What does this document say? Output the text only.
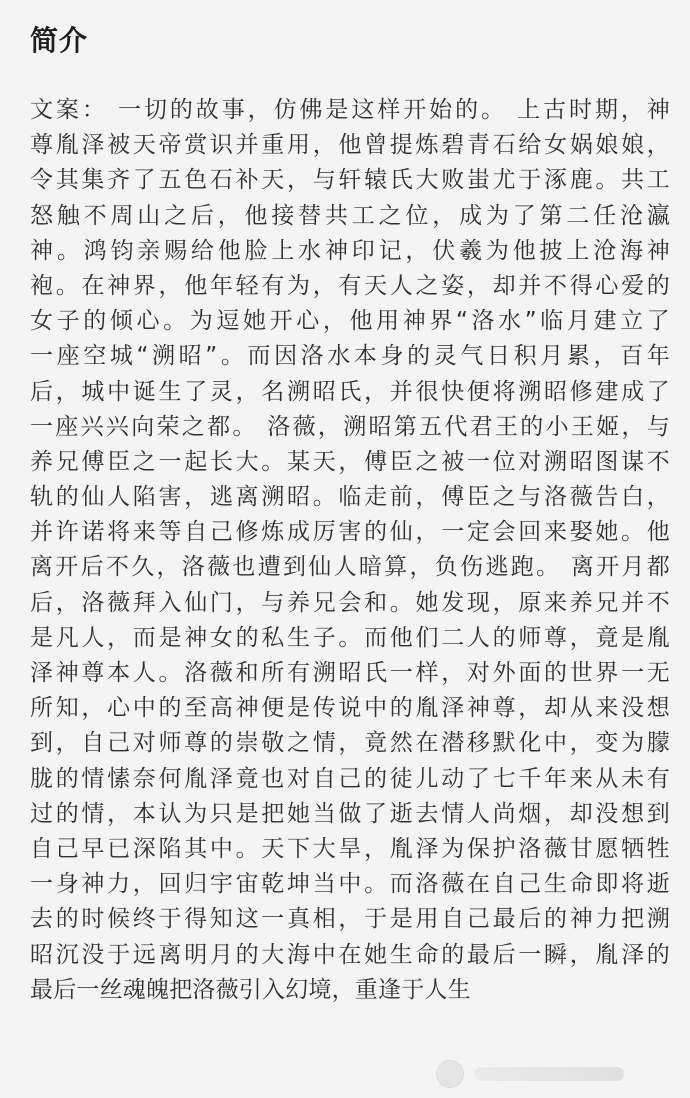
简介
文案： 一切的故事，仿佛是这样开始的。 上古时期，神
尊胤泽被天帝赏识并重用，他曾提炼碧青石给女娲娘娘，
令其集齐了五色石补天，与轩辕氏大败蚩尤于涿鹿。共工
怒触不周山之后，他接替共工之位，成为了第二任沧瀛
神。鸿钧亲赐给他脸上水神印记，伏羲为他披上沧海神
袍。在神界，他年轻有为，有天人之姿，却并不得心爱的
女子的倾心。为逗她开心，他用神界“洛水”临月建立了
一座空城“溯昭”。而因洛水本身的灵气日积月累，百年
后，城中诞生了灵，名溯昭氏，并很快便将溯昭修建成了
一座兴兴向荣之都。 洛薇，溯昭第五代君王的小王姬，与
养兄傅臣之一起长大。某天，傅臣之被一位对溯昭图谋不
轨的仙人陷害，逃离溯昭。临走前，傅臣之与洛薇告白，
并许诺将来等自己修炼成厉害的仙，一定会回来娶她。他
离开后不久，洛薇也遭到仙人暗算，负伤逃跑。 离开月都
后，洛薇拜入仙门，与养兄会和。她发现，原来养兄并不
是凡人，而是神女的私生子。而他们二人的师尊，竟是胤
泽神尊本人。洛薇和所有溯昭氏一样，对外面的世界一无
所知，心中的至高神便是传说中的胤泽神尊，却从来没想
到，自己对师尊的崇敬之情，竟然在潜移默化中，变为朦
胧的情愫奈何胤泽竟也对自己的徒儿动了七千年来从未有
过的情，本认为只是把她当做了逝去情人尚烟，却没想到
自己早已深陷其中。天下大旱，胤泽为保护洛薇甘愿牺牲
一身神力，回归宇宙乾坤当中。而洛薇在自己生命即将逝
去的时候终于得知这一真相，于是用自己最后的神力把溯
昭沉没于远离明月的大海中在她生命的最后一瞬，胤泽的
最后一丝魂魄把洛薇引入幻境，重逢于人生
